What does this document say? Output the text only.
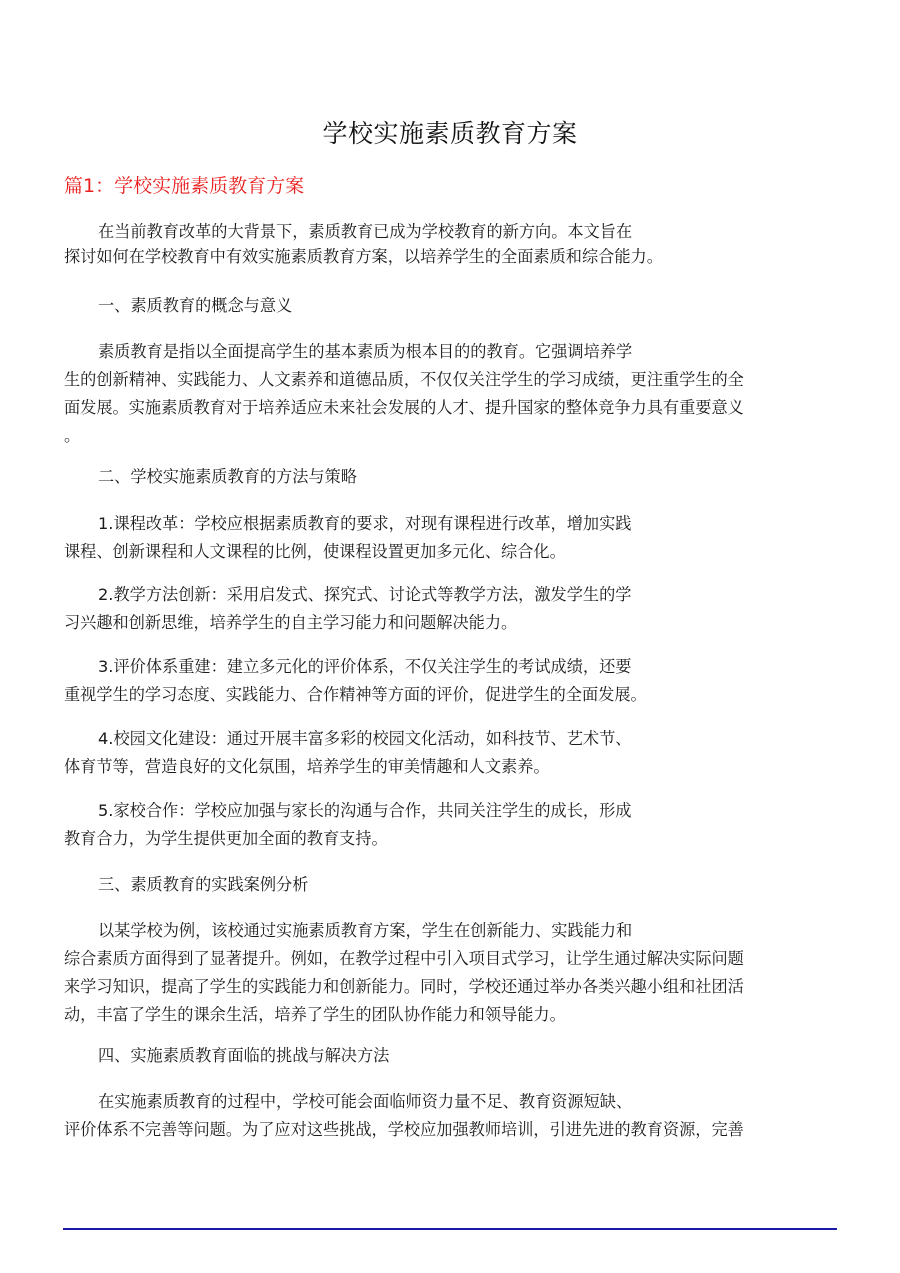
学校实施素质教育方案
篇1：学校实施素质教育方案
在当前教育改革的大背景下，素质教育已成为学校教育的新方向。本文旨在
探讨如何在学校教育中有效实施素质教育方案，以培养学生的全面素质和综合能力。
一、素质教育的概念与意义
素质教育是指以全面提高学生的基本素质为根本目的的教育。它强调培养学
生的创新精神、实践能力、人文素养和道德品质，不仅仅关注学生的学习成绩，更注重学生的全
面发展。实施素质教育对于培养适应未来社会发展的人才、提升国家的整体竞争力具有重要意义
。
二、学校实施素质教育的方法与策略
1.课程改革：学校应根据素质教育的要求，对现有课程进行改革，增加实践
课程、创新课程和人文课程的比例，使课程设置更加多元化、综合化。
2.教学方法创新：采用启发式、探究式、讨论式等教学方法，激发学生的学
习兴趣和创新思维，培养学生的自主学习能力和问题解决能力。
3.评价体系重建：建立多元化的评价体系，不仅关注学生的考试成绩，还要
重视学生的学习态度、实践能力、合作精神等方面的评价，促进学生的全面发展。
4.校园文化建设：通过开展丰富多彩的校园文化活动，如科技节、艺术节、
体育节等，营造良好的文化氛围，培养学生的审美情趣和人文素养。
5.家校合作：学校应加强与家长的沟通与合作，共同关注学生的成长，形成
教育合力，为学生提供更加全面的教育支持。
三、素质教育的实践案例分析
以某学校为例，该校通过实施素质教育方案，学生在创新能力、实践能力和
综合素质方面得到了显著提升。例如，在教学过程中引入项目式学习，让学生通过解决实际问题
来学习知识，提高了学生的实践能力和创新能力。同时，学校还通过举办各类兴趣小组和社团活
动，丰富了学生的课余生活，培养了学生的团队协作能力和领导能力。
四、实施素质教育面临的挑战与解决方法
在实施素质教育的过程中，学校可能会面临师资力量不足、教育资源短缺、
评价体系不完善等问题。为了应对这些挑战，学校应加强教师培训，引进先进的教育资源，完善
